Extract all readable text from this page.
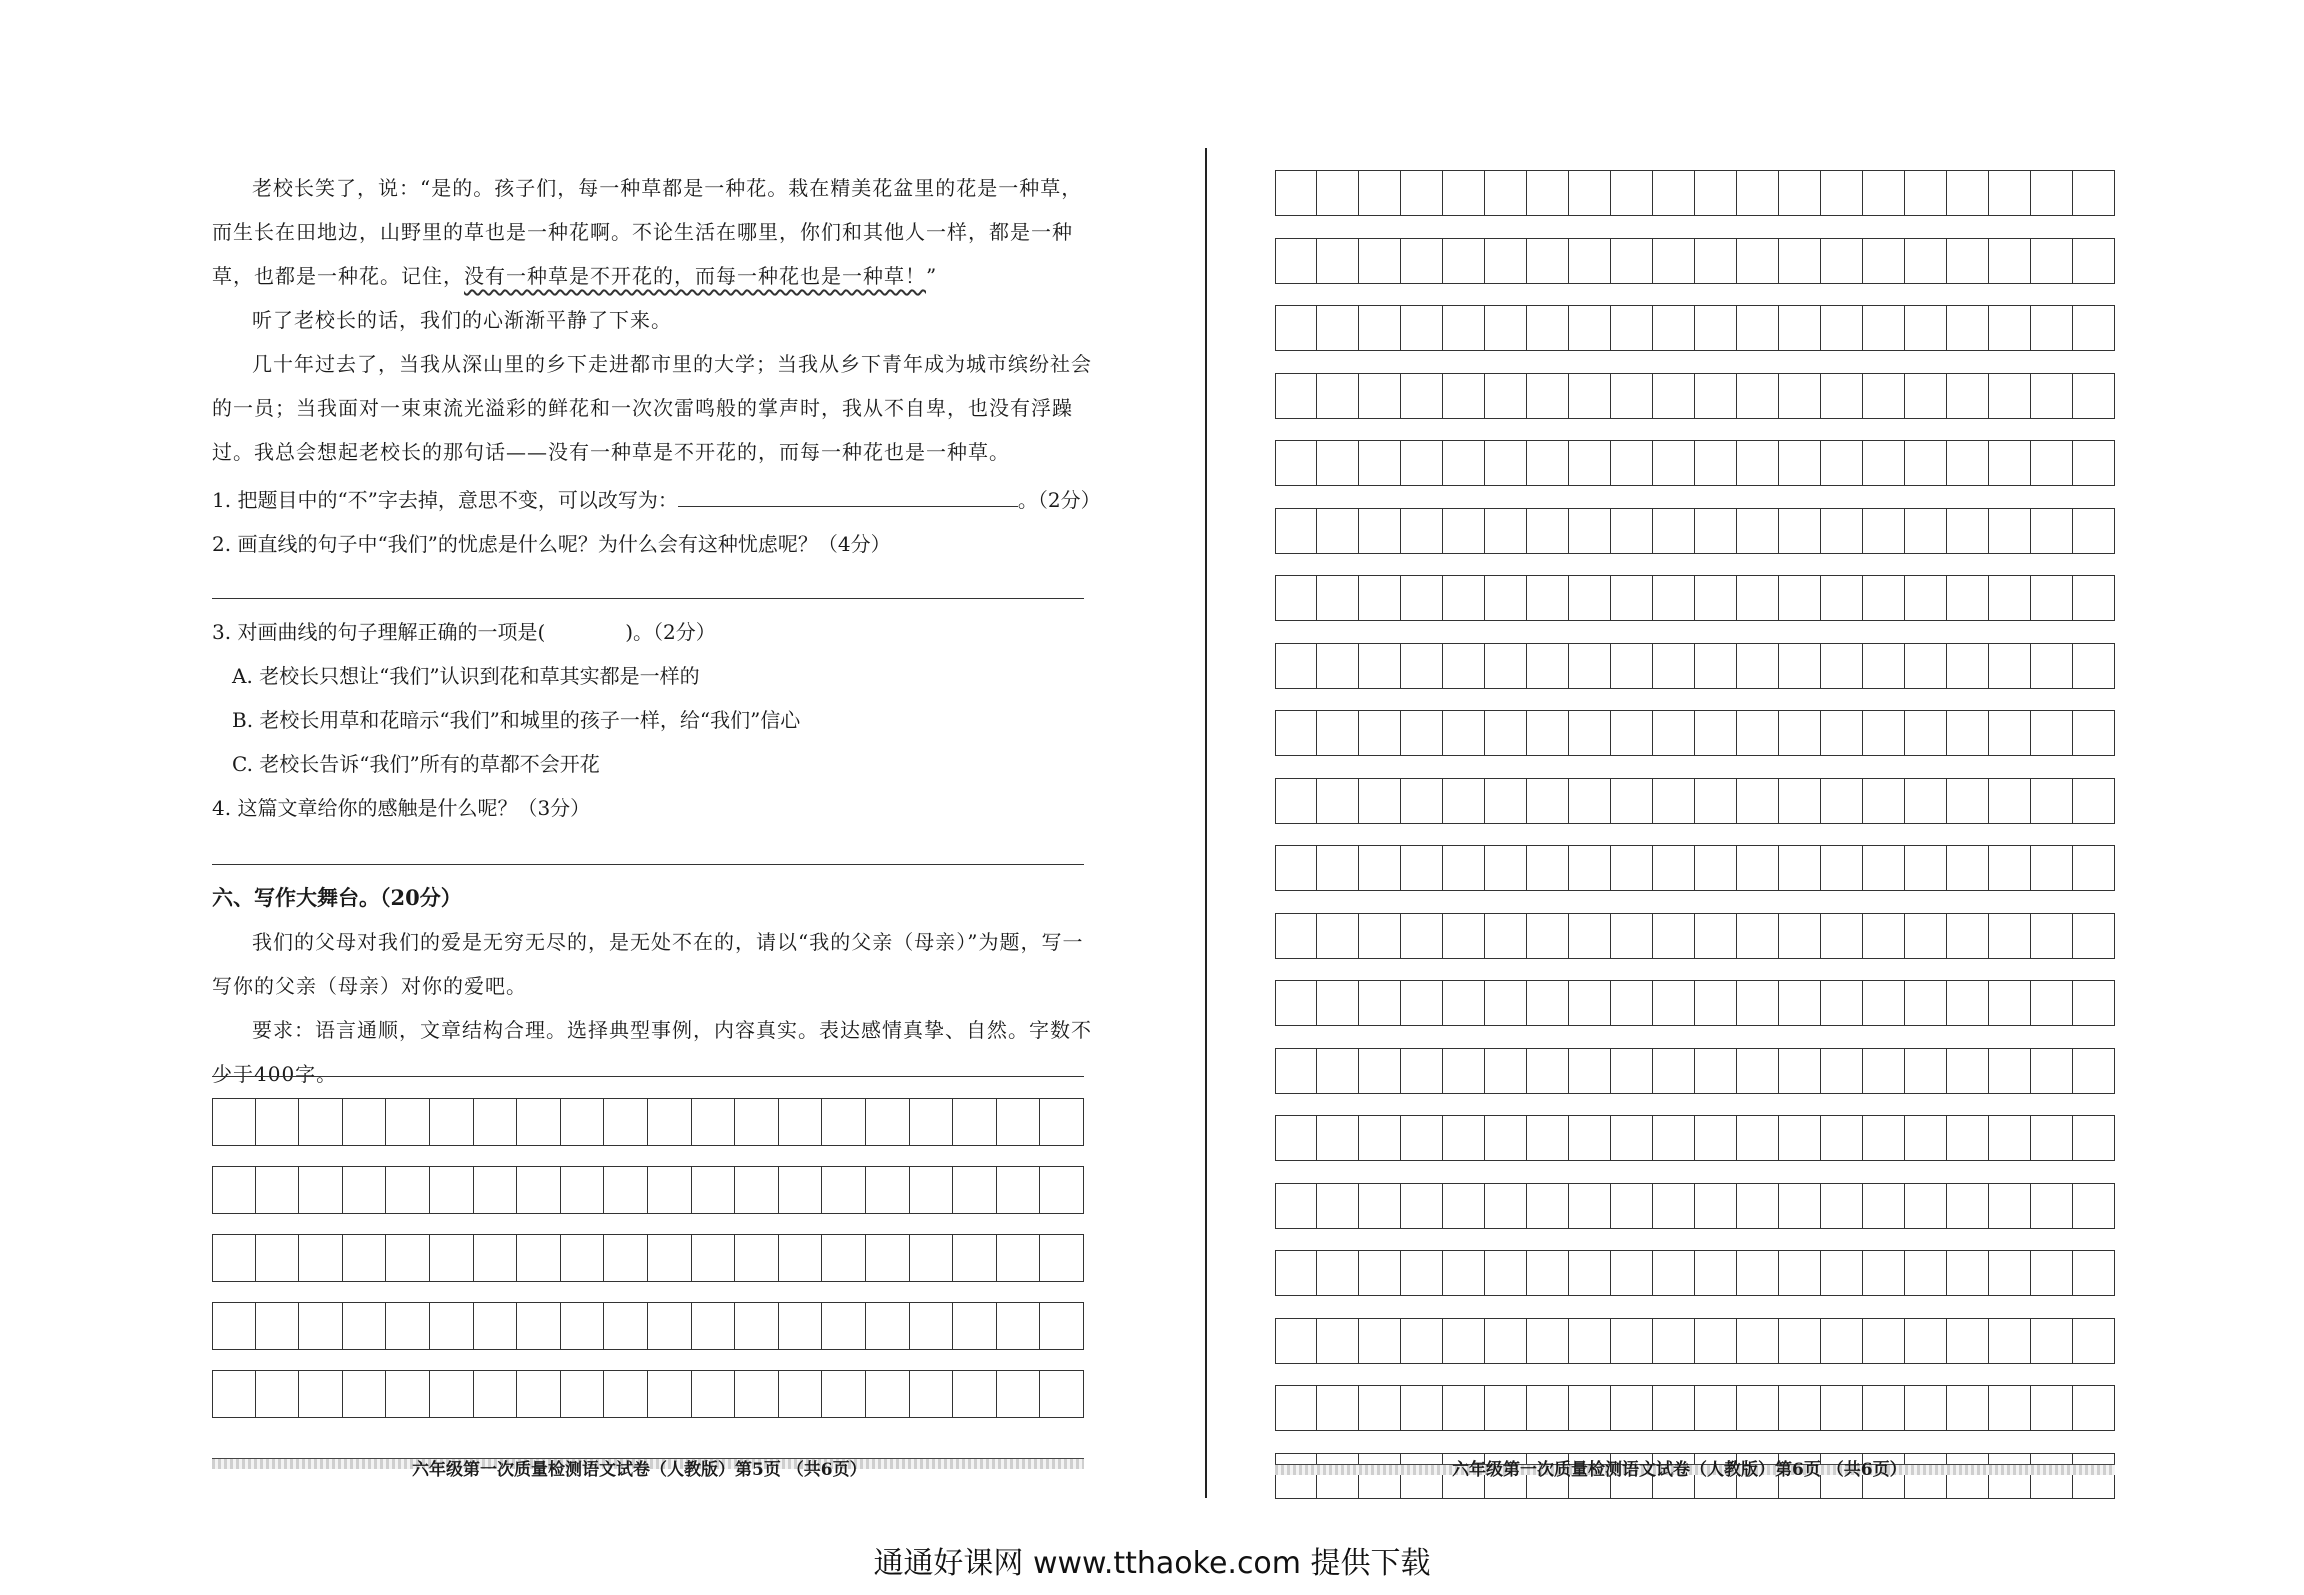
老校长笑了，说：“是的。孩子们，每一种草都是一种花。栽在精美花盆里的花是一种草，而生长在田地边，山野里的草也是一种花啊。不论生活在哪里，你们和其他人一样，都是一种草，也都是一种花。记住，没有一种草是不开花的，而每一种花也是一种草！”
听了老校长的话，我们的心渐渐平静了下来。
几十年过去了，当我从深山里的乡下走进都市里的大学；当我从乡下青年成为城市缤纷社会的一员；当我面对一束束流光溢彩的鲜花和一次次雷鸣般的掌声时，我从不自卑，也没有浮躁过。我总会想起老校长的那句话——没有一种草是不开花的，而每一种花也是一种草。
1. 把题目中的“不”字去掉，意思不变，可以改写为：	。（2分）
2. 画直线的句子中“我们”的忧虑是什么呢？为什么会有这种忧虑呢？（4分）
3. 对画曲线的句子理解正确的一项是(	)。（2分）
A. 老校长只想让“我们”认识到花和草其实都是一样的
B. 老校长用草和花暗示“我们”和城里的孩子一样，给“我们”信心
C. 老校长告诉“我们”所有的草都不会开花
4. 这篇文章给你的感触是什么呢？（3分）
六、写作大舞台。（20分）
我们的父母对我们的爱是无穷无尽的，是无处不在的，请以“我的父亲（母亲）”为题，写一写你的父亲（母亲）对你的爱吧。
要求：语言通顺，文章结构合理。选择典型事例，内容真实。表达感情真挚、自然。字数不少于400字。
六年级第一次质量检测语文试卷（人教版）第5页 （共6页）	六年级第一次质量检测语文试卷（人教版）第6页 （共6页）
通通好课网 www.tthaoke.com 提供下载
